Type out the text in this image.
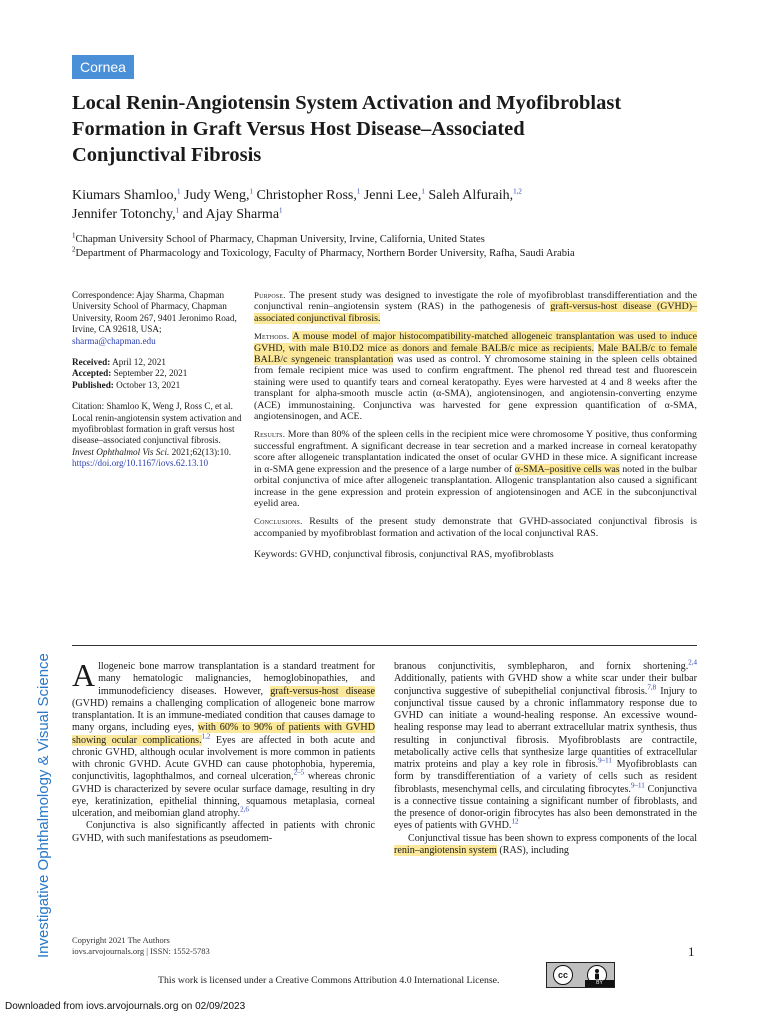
Cornea
Local Renin-Angiotensin System Activation and Myofibroblast Formation in Graft Versus Host Disease–Associated Conjunctival Fibrosis
Kiumars Shamloo,$^1$ Judy Weng,$^1$ Christopher Ross,$^1$ Jenni Lee,$^1$ Saleh Alfuraih,$^{1,2}$
Jennifer Totonchy,$^1$ and Ajay Sharma$^1$
$^1$Chapman University School of Pharmacy, Chapman University, Irvine, California, United States
$^2$Department of Pharmacology and Toxicology, Faculty of Pharmacy, Northern Border University, Rafha, Saudi Arabia

Correspondence: Ajay Sharma, Chapman University School of Pharmacy, Chapman University, Room 267, 9401 Jeronimo Road, Irvine, CA 92618, USA; sharma@chapman.edu

Received: April 12, 2021
Accepted: September 22, 2021
Published: October 13, 2021

Citation: Shamloo K, Weng J, Ross C, et al. Local renin-angiotensin system activation and myofibroblast formation in graft versus host disease–associated conjunctival fibrosis. Invest Ophthalmol Vis Sci. 2021;62(13):10.
https://doi.org/10.1167/iovs.62.13.10

Purpose. The present study was designed to investigate the role of myofibroblast transdifferentiation and the conjunctival renin–angiotensin system (RAS) in the pathogenesis of graft-versus-host disease (GVHD)–associated conjunctival fibrosis.

Methods. A mouse model of major histocompatibility-matched allogeneic transplantation was used to induce GVHD, with male B10.D2 mice as donors and female BALB/c mice as recipients. Male BALB/c to female BALB/c syngeneic transplantation was used as control. Y chromosome staining in the spleen cells obtained from female recipient mice was used to confirm engraftment. The phenol red thread test and fluorescein staining were used to quantify tears and corneal keratopathy. Eyes were harvested at 4 and 8 weeks after the transplant for alpha-smooth muscle actin (α-SMA), angiotensinogen, and angiotensin-converting enzyme (ACE) immunostaining. Conjunctiva was harvested for gene expression quantification of α-SMA, angiotensinogen, and ACE.

Results. More than 80% of the spleen cells in the recipient mice were chromosome Y positive, thus conforming successful engraftment. A significant decrease in tear secretion and a marked increase in corneal keratopathy score after allogeneic transplantation indicated the onset of ocular GVHD in these mice. A significant increase in α-SMA gene expression and the presence of a large number of α-SMA–positive cells was noted in the bulbar orbital conjunctiva of mice after allogeneic transplantation. Allogenic transplantation also caused a significant increase in the gene expression and protein expression of angiotensinogen and ACE in the subconjunctival eyelid area.

Conclusions. Results of the present study demonstrate that GVHD-associated conjunctival fibrosis is accompanied by myofibroblast formation and activation of the local conjunctival RAS.

Keywords: GVHD, conjunctival fibrosis, conjunctival RAS, myofibroblasts

Investigative Ophthalmology & Visual Science Allogeneic bone marrow transplantation is a standard treatment for many hematologic malignancies, hemoglobinopathies, and immunodeficiency diseases. However, graft-versus-host disease (GVHD) remains a challenging complication of allogeneic bone marrow transplantation. It is an immune-mediated condition that causes damage to many organs, including eyes, with 60% to 90% of patients with GVHD showing ocular complications.$^{1,2}$ Eyes are affected in both acute and chronic GVHD, although ocular involvement is more common in patients with chronic GVHD. Acute GVHD can cause photophobia, hyperemia, conjunctivitis, lagophthalmos, and corneal ulceration,$^{2-5}$ whereas chronic GVHD is characterized by severe ocular surface damage, resulting in dry eye, keratinization, epithelial thinning, squamous metaplasia, corneal ulceration, and meibomian gland atrophy.$^{2,6}$

Conjunctiva is also significantly affected in patients with chronic GVHD, with such manifestations as pseudomem-

branous conjunctivitis, symblepharon, and fornix shortening.$^{2,4}$ Additionally, patients with GVHD show a white scar under their bulbar conjunctiva suggestive of subepithelial conjunctival fibrosis.$^{7,8}$ Injury to conjunctival tissue caused by a chronic inflammatory response due to GVHD can initiate a wound-healing response. An excessive wound-healing response may lead to aberrant extracellular matrix synthesis, thus resulting in conjunctival fibrosis. Myofibroblasts are contractile, metabolically active cells that synthesize large quantities of extracellular matrix proteins and play a key role in fibrosis.$^{9-11}$ Myofibroblasts can form by transdifferentiation of a variety of cells such as resident fibroblasts, mesenchymal cells, and circulating fibrocytes.$^{9-11}$ Conjunctiva is a connective tissue containing a significant number of fibroblasts, and the presence of donor-origin fibrocytes has also been demonstrated in the eyes of patients with GVHD.$^{12}$

Conjunctival tissue has been shown to express components of the local renin–angiotensin system (RAS), including

Copyright 2021 The Authors
iovs.arvojournals.org | ISSN: 1552-5783	1
This work is licensed under a Creative Commons Attribution 4.0 International License.	cc
BY
Downloaded from iovs.arvojournals.org on 02/09/2023
